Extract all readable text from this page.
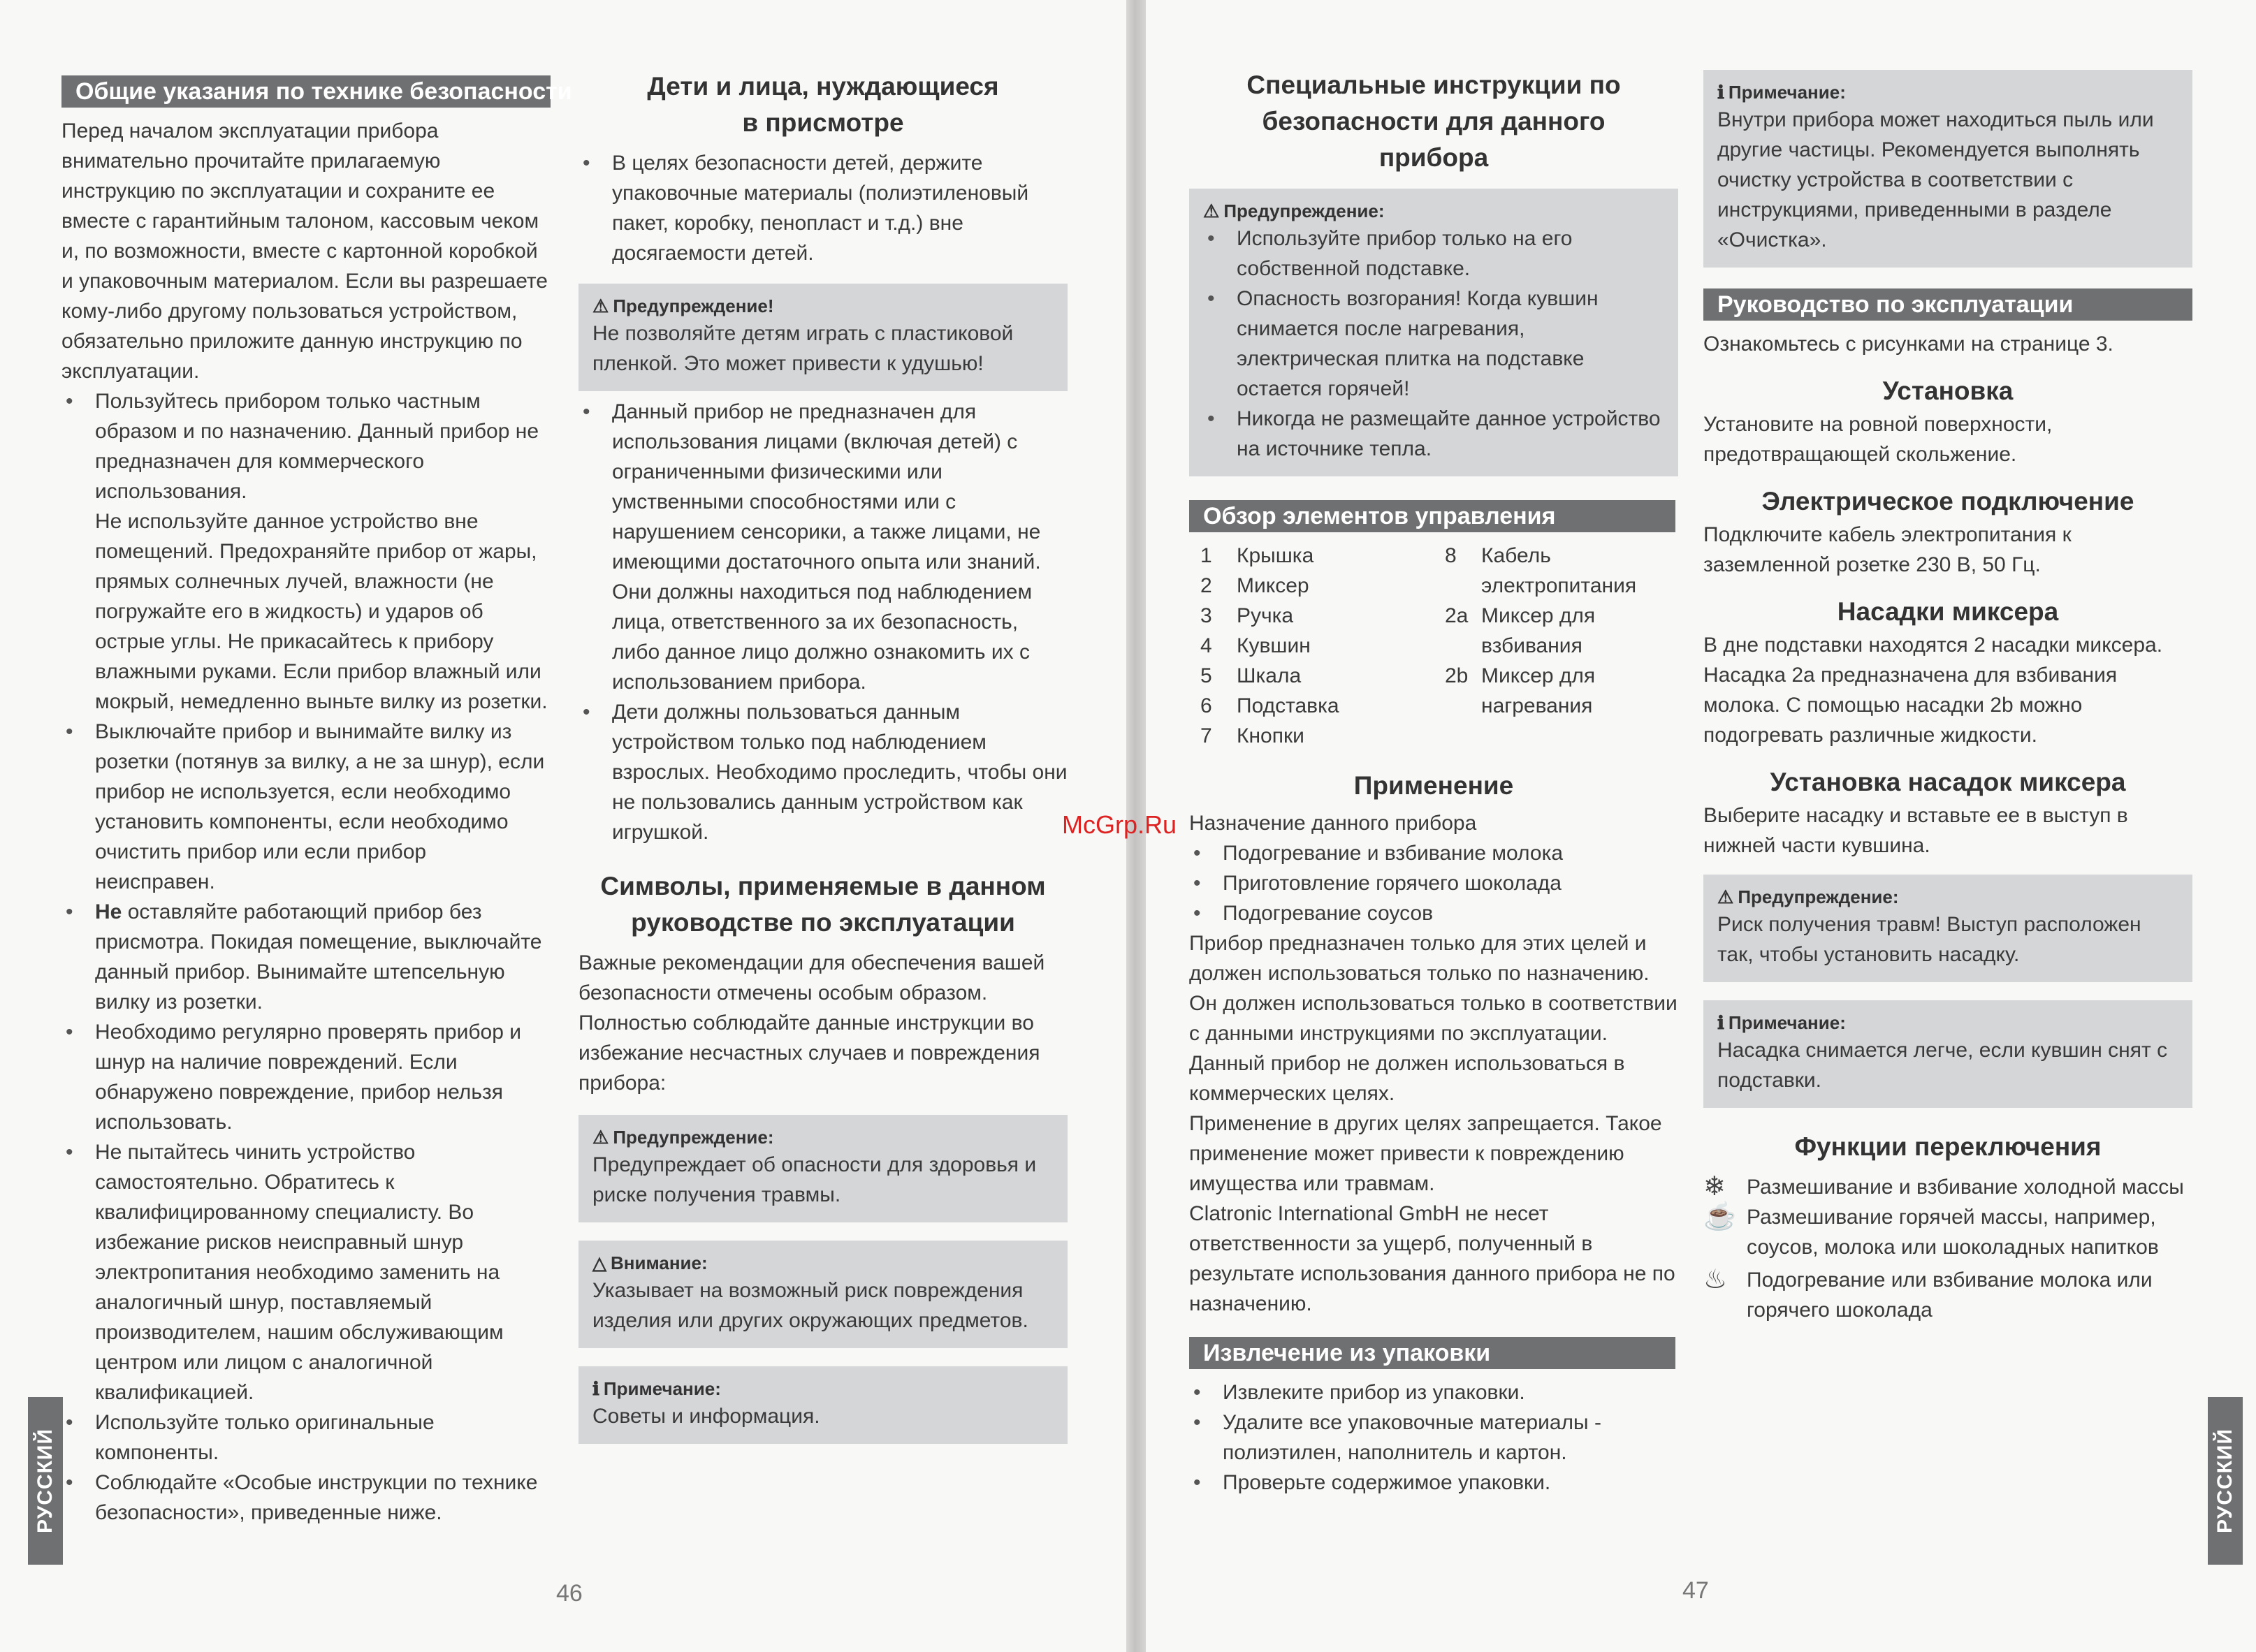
Общие указания по технике безопасности

Перед началом эксплуатации прибора внимательно прочитайте прилагаемую инструкцию по эксплуатации и сохраните ее вместе с гарантийным талоном, кассовым чеком и, по возможности, вместе с картонной коробкой и упаковочным материалом. Если вы разрешаете кому-либо другому пользоваться устройством, обязательно приложите данную инструкцию по эксплуатации.

• Пользуйтесь прибором только частным образом и по назначению. Данный прибор не предназначен для коммерческого использования.
Не используйте данное устройство вне помещений. Предохраняйте прибор от жары, прямых солнечных лучей, влажности (не погружайте его в жидкость) и ударов об острые углы. Не прикасайтесь к прибору влажными руками. Если прибор влажный или мокрый, немедленно выньте вилку из розетки.
• Выключайте прибор и вынимайте вилку из розетки (потянув за вилку, а не за шнур), если прибор не используется, если необходимо установить компоненты, если необходимо очистить прибор или если прибор неисправен.
• Не оставляйте работающий прибор без присмотра. Покидая помещение, выключайте данный прибор. Вынимайте штепсельную вилку из розетки.
• Необходимо регулярно проверять прибор и шнур на наличие повреждений. Если обнаружено повреждение, прибор нельзя использовать.
• Не пытайтесь чинить устройство самостоятельно. Обратитесь к квалифицированному специалисту. Во избежание рисков неисправный шнур электропитания необходимо заменить на аналогичный шнур, поставляемый производителем, нашим обслуживающим центром или лицом с аналогичной квалификацией.
• Используйте только оригинальные компоненты.
• Соблюдайте «Особые инструкции по технике безопасности», приведенные ниже.
Дети и лица, нуждающиеся в присмотре
• В целях безопасности детей, держите упаковочные материалы (полиэтиленовый пакет, коробку, пенопласт и т.д.) вне досягаемости детей.
⚠ Предупреждение!

Не позволяйте детям играть с пластиковой пленкой. Это может привести к удушью!

• Данный прибор не предназначен для использования лицами (включая детей) с ограниченными физическими или умственными способностями или с нарушением сенсорики, а также лицами, не имеющими достаточного опыта или знаний. Они должны находиться под наблюдением лица, ответственного за их безопасность, либо данное лицо должно ознакомить их с использованием прибора.
• Дети должны пользоваться данным устройством только под наблюдением взрослых. Необходимо проследить, чтобы они не пользовались данным устройством как игрушкой.
Символы, применяемые в данном руководстве по эксплуатации

Важные рекомендации для обеспечения вашей безопасности отмечены особым образом. Полностью соблюдайте данные инструкции во избежание несчастных случаев и повреждения прибора:

⚠ Предупреждение:

Предупреждает об опасности для здоровья и риске получения травмы.

△ Внимание:

Указывает на возможный риск повреждения изделия или других окружающих предметов.

ℹ Примечание:

Советы и информация.

РУССКИЙ
46
Специальные инструкции по безопасности для данного прибора
⚠ Предупреждение:
• Используйте прибор только на его собственной подставке.
• Опасность возгорания! Когда кувшин снимается после нагревания, электрическая плитка на подставке остается горячей!
• Никогда не размещайте данное устройство на источнике тепла.
Обзор элементов управления
1	Крышка
2	Миксер
3	Ручка
4	Кувшин
5	Шкала
6	Подставка
7	Кнопки
8	Кабель электропитания
2a Миксер для взбивания
2b Миксер для нагревания
Применение

Назначение данного прибора

• Подогревание и взбивание молока
• Приготовление горячего шоколада
• Подогревание соусов

Прибор предназначен только для этих целей и должен использоваться только по назначению.

Он должен использоваться только в соответствии с данными инструкциями по эксплуатации.

Данный прибор не должен использоваться в коммерческих целях.

Применение в других целях запрещается. Такое применение может привести к повреждению имущества или травмам.

Clatronic International GmbH не несет ответственности за ущерб, полученный в результате использования данного прибора не по назначению.

Извлечение из упаковки
• Извлеките прибор из упаковки.
• Удалите все упаковочные материалы - полиэтилен, наполнитель и картон.
• Проверьте содержимое упаковки.
ℹ Примечание:

Внутри прибора может находиться пыль или другие частицы. Рекомендуется выполнять очистку устройства в соответствии с инструкциями, приведенными в разделе «Очистка».

Руководство по эксплуатации

Ознакомьтесь с рисунками на странице 3.

Установка

Установите на ровной поверхности, предотвращающей скольжение.

Электрическое подключение

Подключите кабель электропитания к заземленной розетке 230 В, 50 Гц.

Насадки миксера

В дне подставки находятся 2 насадки миксера. Насадка 2a предназначена для взбивания молока. С помощью насадки 2b можно подогревать различные жидкости.

Установка насадок миксера

Выберите насадку и вставьте ее в выступ в нижней части кувшина.

⚠ Предупреждение:

Риск получения травм! Выступ расположен так, чтобы установить насадку.

ℹ Примечание:

Насадка снимается легче, если кувшин снят с подставки.

Функции переключения
❄	Размешивание и взбивание холодной массы
☕ Размешивание горячей массы, например, соусов, молока или шоколадных напитков
♨ Подогревание или взбивание молока или горячего шоколада
РУССКИЙ
47
McGrp.Ru
